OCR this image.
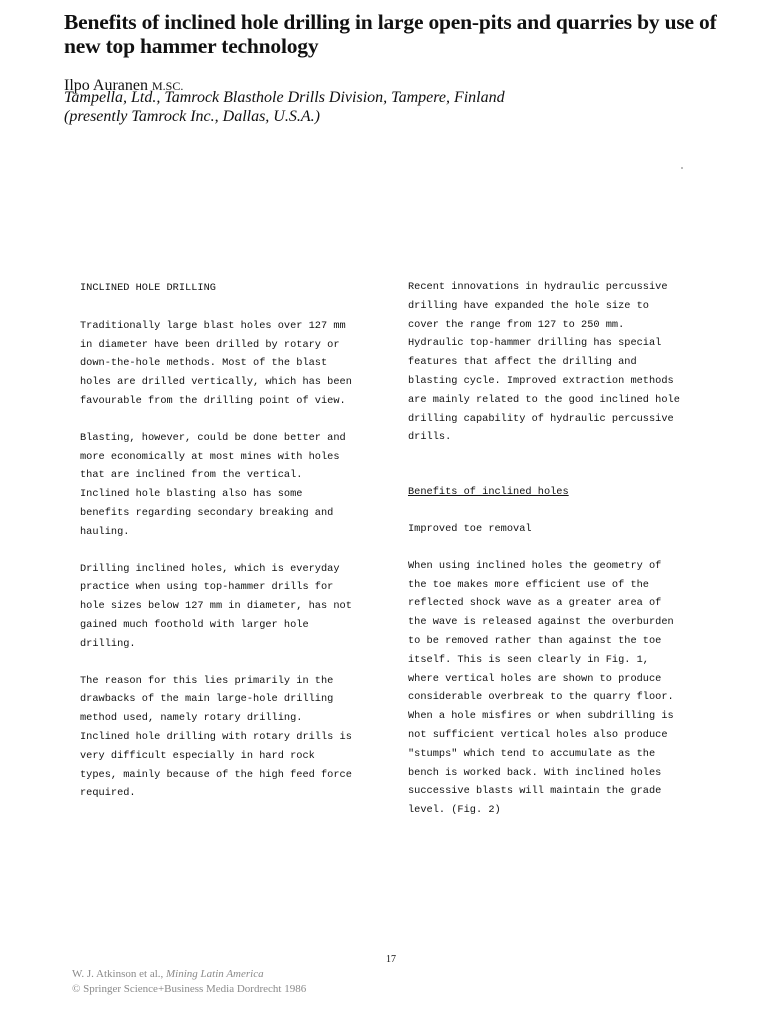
Benefits of inclined hole drilling in large open-pits and quarries by use of new top hammer technology
Ilpo Auranen M.SC.
Tampella, Ltd., Tamrock Blasthole Drills Division, Tampere, Finland
(presently Tamrock Inc., Dallas, U.S.A.)

INCLINED HOLE DRILLING

Traditionally large blast holes over 127 mm
in diameter have been drilled by rotary or
down-the-hole methods. Most of the blast
holes are drilled vertically, which has been
favourable from the drilling point of view.

Blasting, however, could be done better and
more economically at most mines with holes
that are inclined from the vertical.
Inclined hole blasting also has some
benefits regarding secondary breaking and
hauling.

Drilling inclined holes, which is everyday
practice when using top-hammer drills for
hole sizes below 127 mm in diameter, has not
gained much foothold with larger hole
drilling.

The reason for this lies primarily in the
drawbacks of the main large-hole drilling
method used, namely rotary drilling.
Inclined hole drilling with rotary drills is
very difficult especially in hard rock
types, mainly because of the high feed force
required.

Recent innovations in hydraulic percussive
drilling have expanded the hole size to
cover the range from 127 to 250 mm.
Hydraulic top-hammer drilling has special
features that affect the drilling and
blasting cycle. Improved extraction methods
are mainly related to the good inclined hole
drilling capability of hydraulic percussive
drills.

Benefits of inclined holes

Improved toe removal

When using inclined holes the geometry of
the toe makes more efficient use of the
reflected shock wave as a greater area of
the wave is released against the overburden
to be removed rather than against the toe
itself. This is seen clearly in Fig. 1,
where vertical holes are shown to produce
considerable overbreak to the quarry floor.
When a hole misfires or when subdrilling is
not sufficient vertical holes also produce
"stumps" which tend to accumulate as the
bench is worked back. With inclined holes
successive blasts will maintain the grade
level. (Fig. 2)

17
W. J. Atkinson et al., Mining Latin America
© Springer Science+Business Media Dordrecht 1986
